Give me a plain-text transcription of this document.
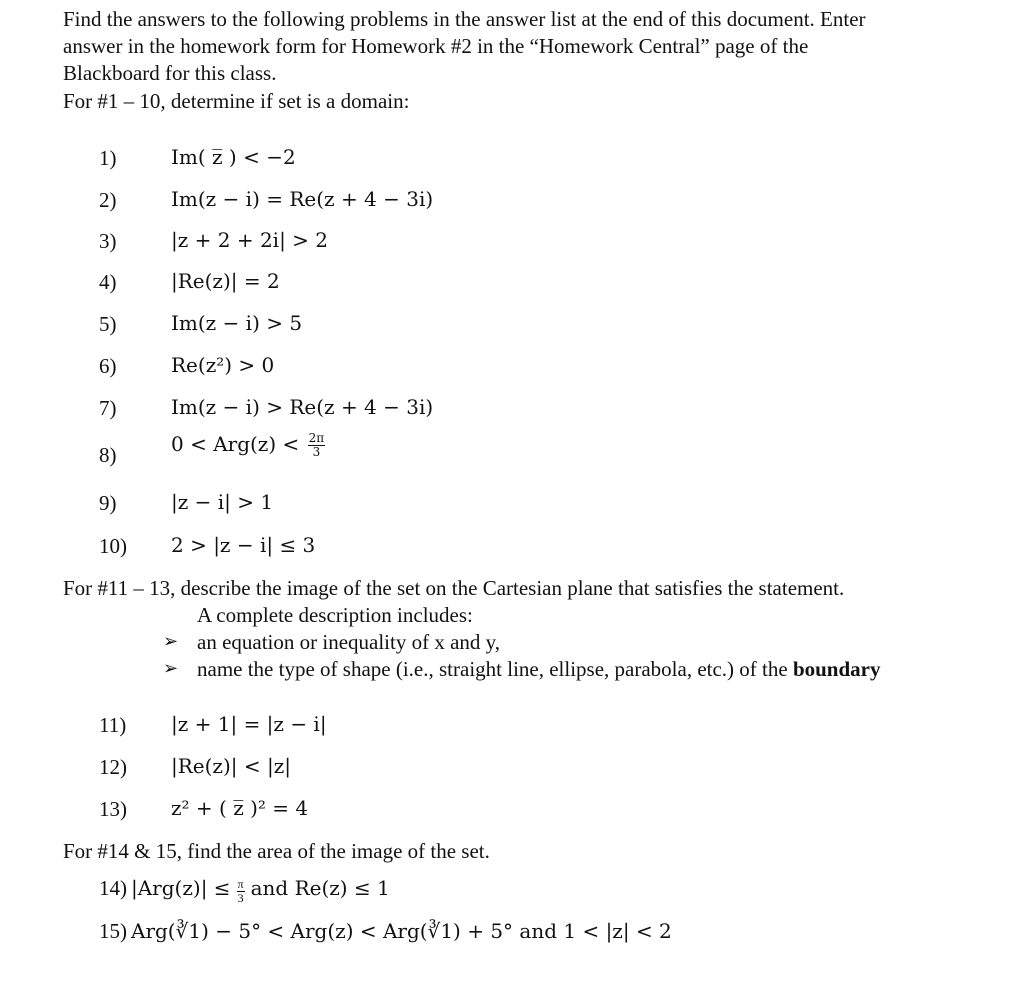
Find the answers to the following problems in the answer list at the end of this document. Enter
answer in the homework form for Homework #2 in the “Homework Central” page of the
Blackboard for this class.
For #1 – 10, determine if set is a domain:
1)	Im( z̅ ) < −2
2)	Im(z − i) = Re(z + 4 − 3i)
3)	|z + 2 + 2i| > 2
4)	|Re(z)| = 2
5)	Im(z − i) > 5
6)	Re(z²) > 0
7)	Im(z − i) > Re(z + 4 − 3i)
8)	$0 < Arg(z) < \frac{2\pi}{3}$
9)	|z − i| > 1
10) 2 > |z − i| ≤ 3
For #11 – 13, describe the image of the set on the Cartesian plane that satisfies the statement.
A complete description includes:
➢ an equation or inequality of x and y,
➢ name the type of shape (i.e., straight line, ellipse, parabola, etc.) of the boundary
11) |z + 1| = |z − i|
12) |Re(z)| < |z|
13) z² + ( z̅ )² = 4
For #14 & 15, find the area of the image of the set.
14) $|Arg(z)| \le \frac{\pi}{3}$ and Re(z) ≤ 1
15) Arg(∛1) − 5° < Arg(z) < Arg(∛1) + 5° and 1 < |z| < 2
